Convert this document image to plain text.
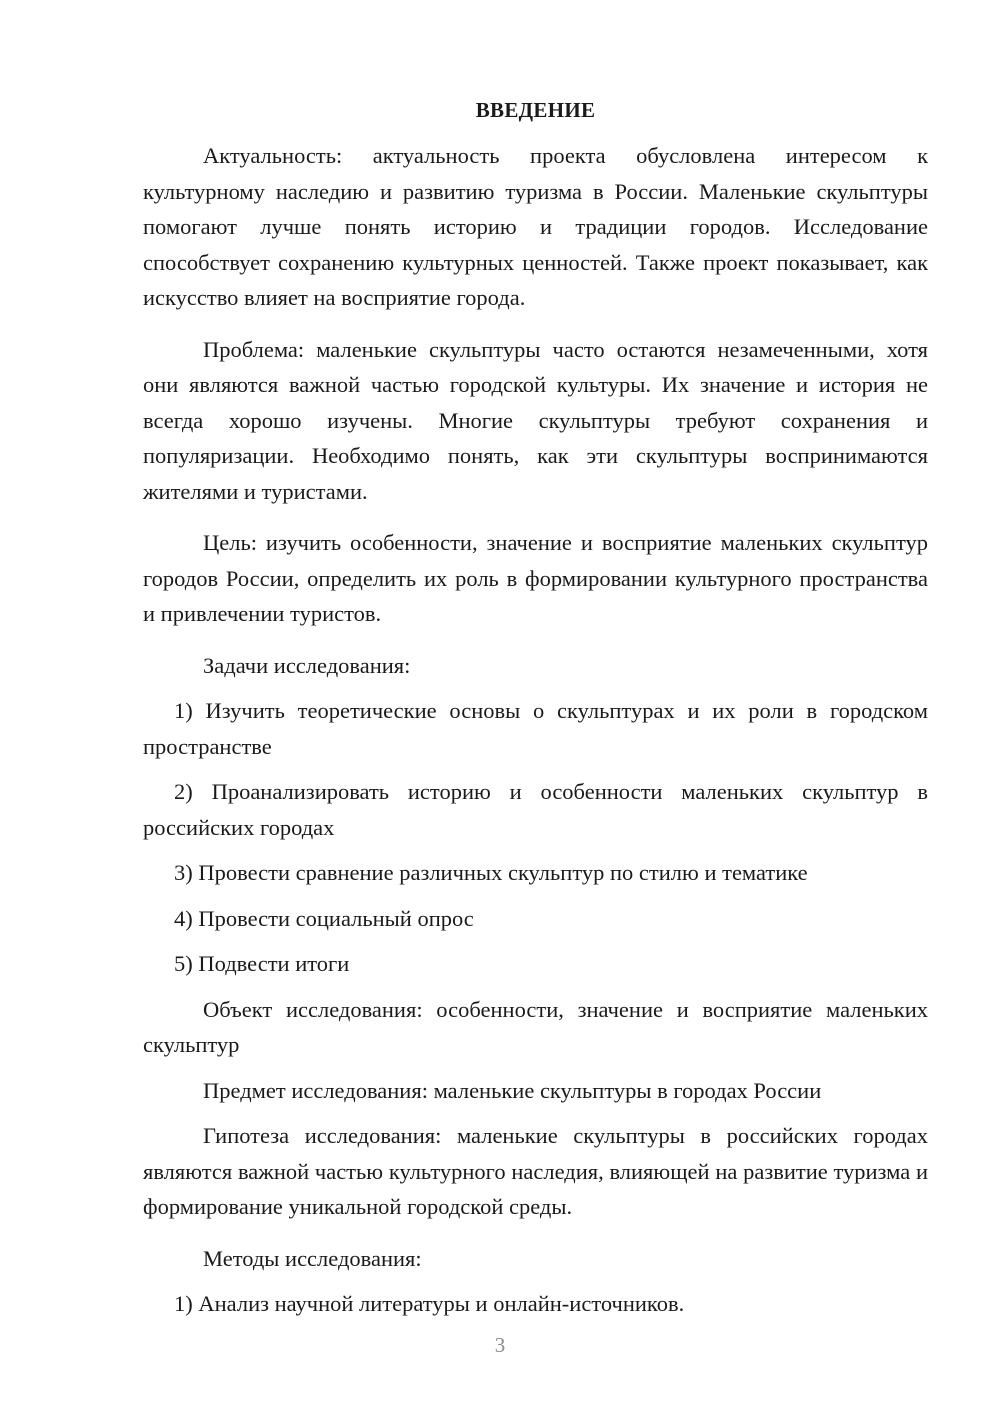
ВВЕДЕНИЕ

Актуальность: актуальность проекта обусловлена интересом к культурному наследию и развитию туризма в России. Маленькие скульптуры помогают лучше понять историю и традиции городов. Исследование способствует сохранению культурных ценностей. Также проект показывает, как искусство влияет на восприятие города.

Проблема: маленькие скульптуры часто остаются незамеченными, хотя они являются важной частью городской культуры. Их значение и история не всегда хорошо изучены. Многие скульптуры требуют сохранения и популяризации. Необходимо понять, как эти скульптуры воспринимаются жителями и туристами.

Цель: изучить особенности, значение и восприятие маленьких скульптур городов России, определить их роль в формировании культурного пространства и привлечении туристов.

Задачи исследования:

1) Изучить теоретические основы о скульптурах и их роли в городском пространстве

2) Проанализировать историю и особенности маленьких скульптур в российских городах

3) Провести сравнение различных скульптур по стилю и тематике

4) Провести социальный опрос

5) Подвести итоги

Объект исследования: особенности, значение и восприятие маленьких скульптур

Предмет исследования: маленькие скульптуры в городах России

Гипотеза исследования: маленькие скульптуры в российских городах являются важной частью культурного наследия, влияющей на развитие туризма и формирование уникальной городской среды.

Методы исследования:

1) Анализ научной литературы и онлайн-источников.

3
